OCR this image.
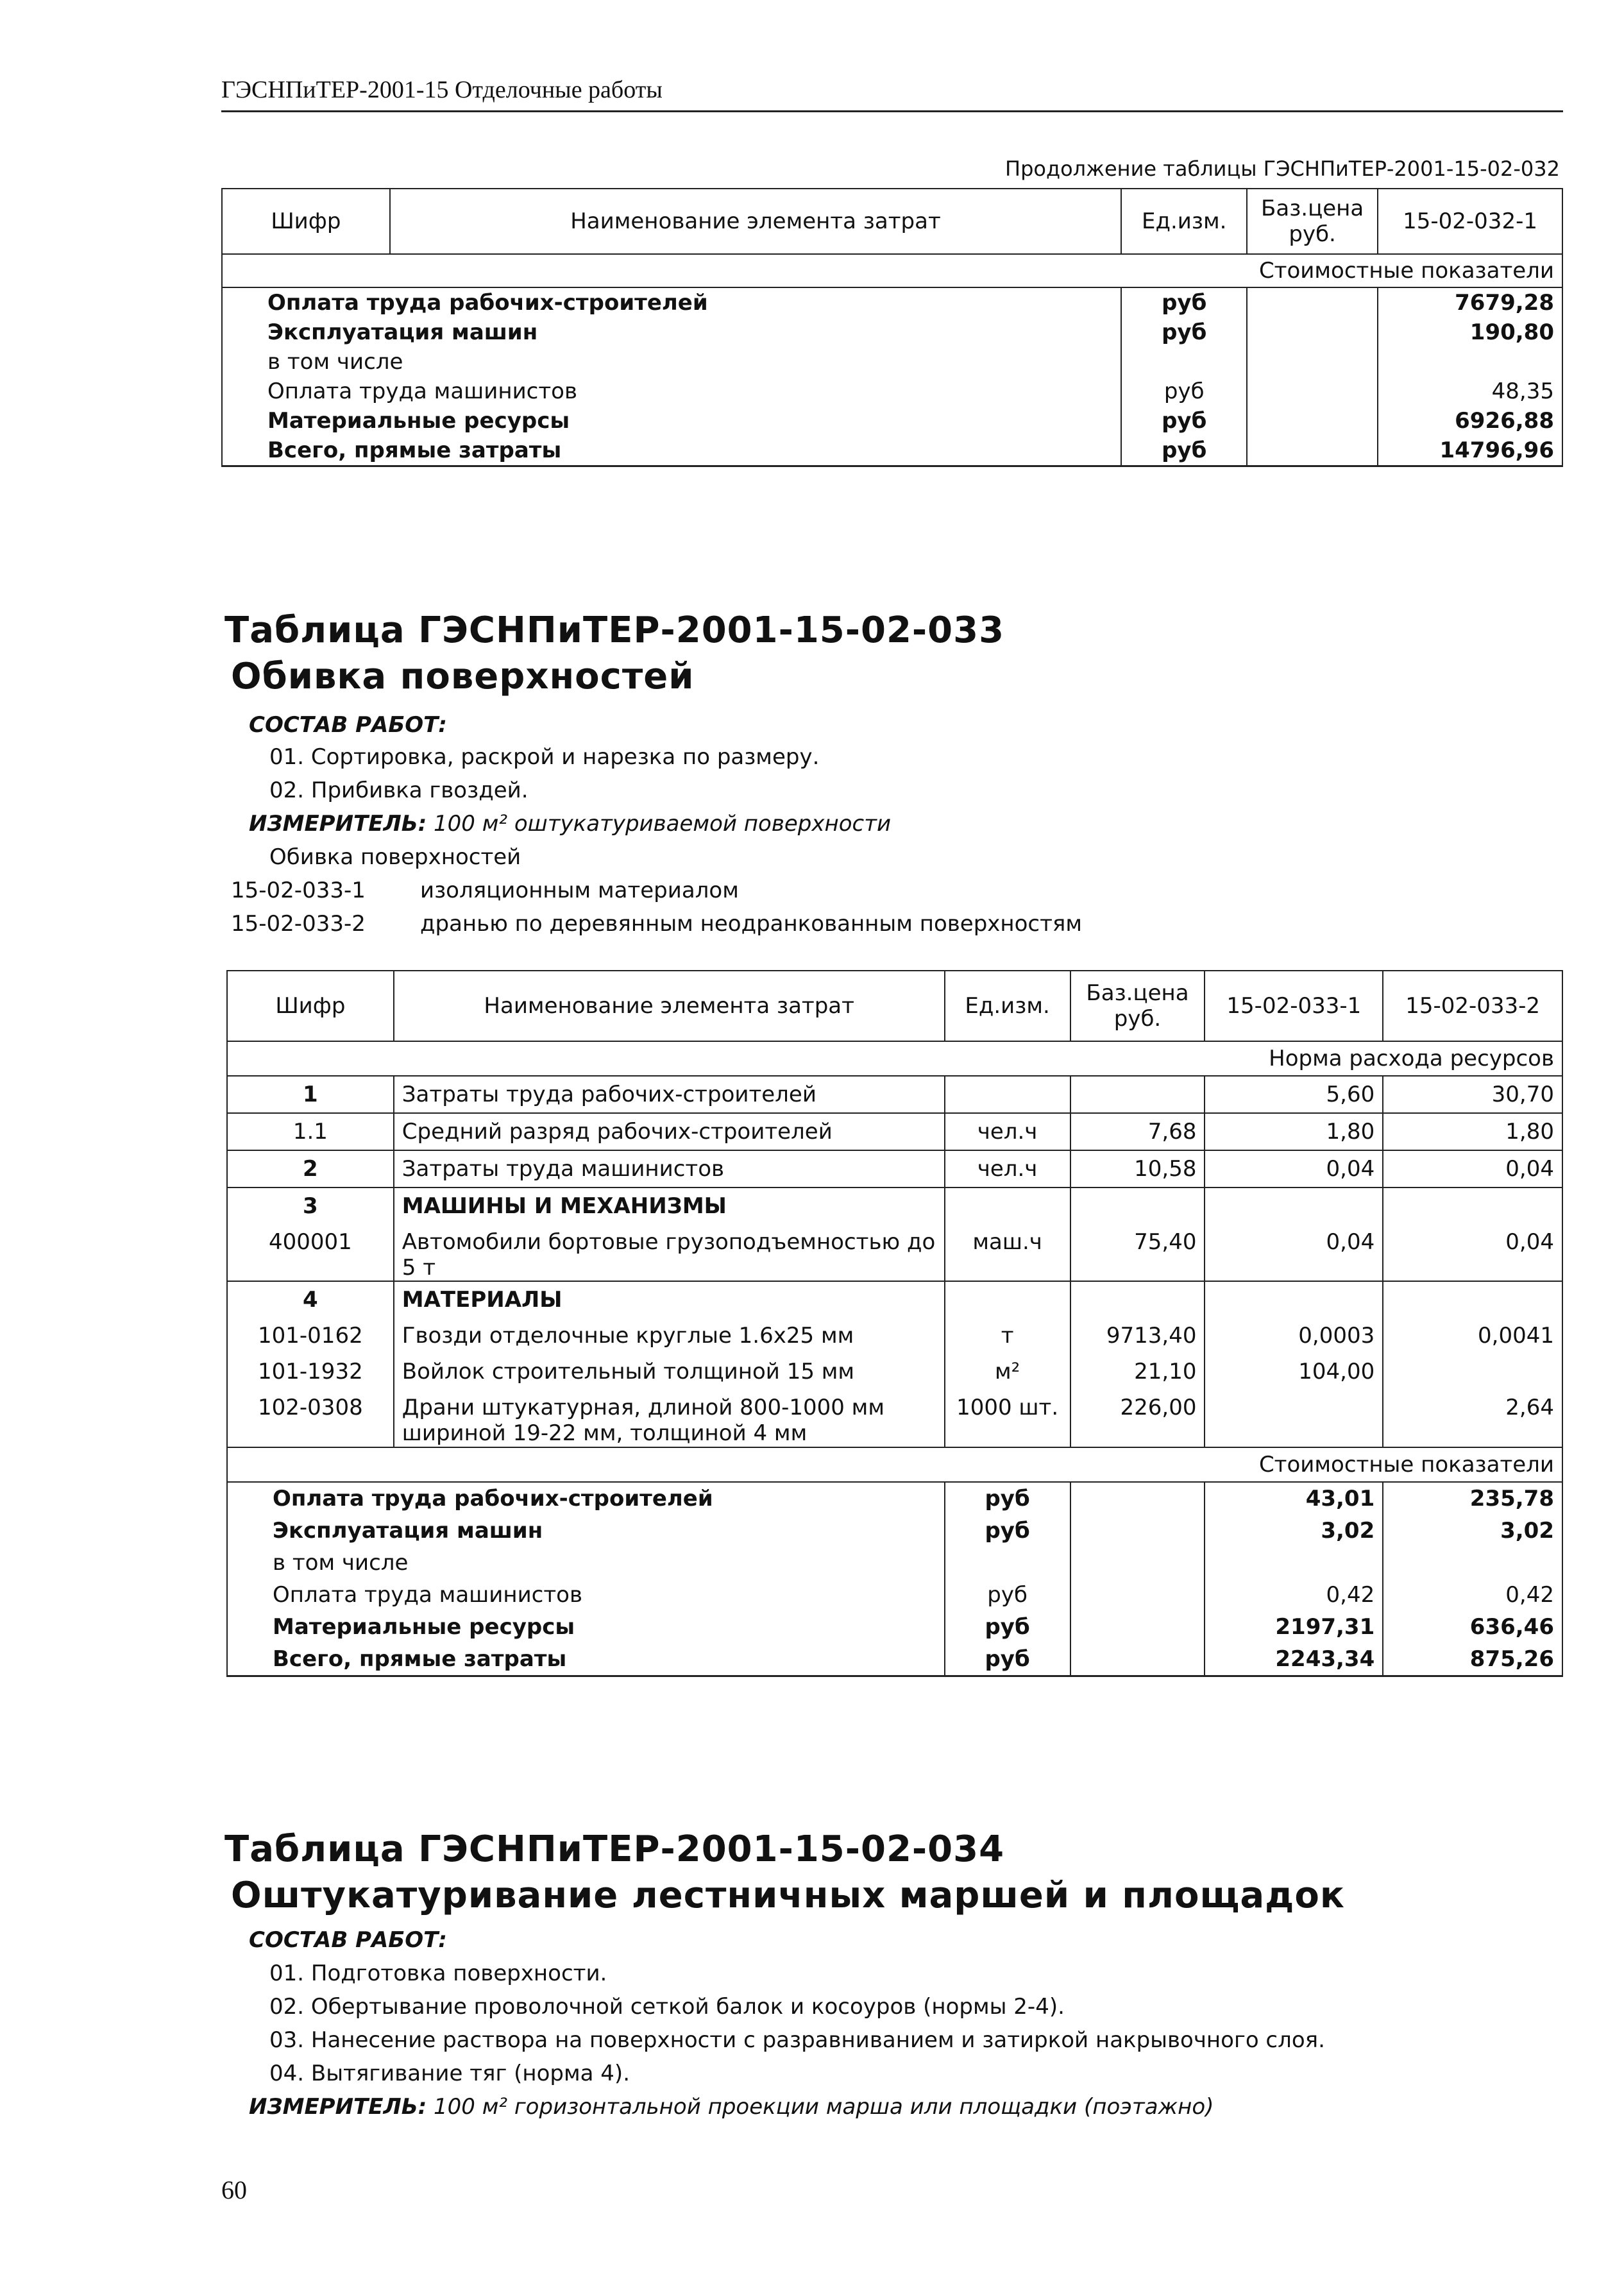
ГЭСНПиТЕР-2001-15 Отделочные работы
Продолжение таблицы ГЭСНПиТЕР-2001-15-02-032
Шифр	Наименование элемента затрат	Ед.изм.	Баз.цена руб.	15-02-032-1
Стоимостные показатели				
Оплата труда рабочих-строителей		руб		7679,28
Эксплуатация машин		руб		190,80
в том числе				
Оплата труда машинистов		руб		48,35
Материальные ресурсы		руб		6926,88
Всего, прямые затраты		руб		14796,96
Таблица ГЭСНПиТЕР-2001-15-02-033
Обивка поверхностей
СОСТАВ РАБОТ:
01. Сортировка, раскрой и нарезка по размеру.
02. Прибивка гвоздей.
ИЗМЕРИТЕЛЬ: 100 м² оштукатуриваемой поверхности
Обивка поверхностей
15-02-033-1	изоляционным материалом
15-02-033-2	дранью по деревянным неодранкованным поверхностям
Шифр	Наименование элемента затрат	Ед.изм.	Баз.цена руб.	15-02-033-1	15-02-033-2
Норма расхода ресурсов					
1	Затраты труда рабочих-строителей			5,60	30,70
1.1	Средний разряд рабочих-строителей	чел.ч	7,68	1,80	1,80
2	Затраты труда машинистов	чел.ч	10,58	0,04	0,04
3	МАШИНЫ И МЕХАНИЗМЫ				
400001	Автомобили бортовые грузоподъемностью до 5 т	маш.ч	75,40	0,04	0,04
4	МАТЕРИАЛЫ				
101-0162	Гвозди отделочные круглые 1.6х25 мм	т	9713,40	0,0003	0,0041
101-1932	Войлок строительный толщиной 15 мм	м²	21,10	104,00	
102-0308	Драни штукатурная, длиной 800-1000 мм шириной 19-22 мм, толщиной 4 мм	1000 шт.	226,00		2,64
Стоимостные показатели					
Оплата труда рабочих-строителей		руб		43,01	235,78
Эксплуатация машин		руб		3,02	3,02
в том числе					
Оплата труда машинистов		руб		0,42	0,42
Материальные ресурсы		руб		2197,31	636,46
Всего, прямые затраты		руб		2243,34	875,26
Таблица ГЭСНПиТЕР-2001-15-02-034
Оштукатуривание лестничных маршей и площадок
СОСТАВ РАБОТ:
01. Подготовка поверхности.
02. Обертывание проволочной сеткой балок и косоуров (нормы 2-4).
03. Нанесение раствора на поверхности с разравниванием и затиркой накрывочного слоя.
04. Вытягивание тяг (норма 4).
ИЗМЕРИТЕЛЬ: 100 м² горизонтальной проекции марша или площадки (поэтажно)
60
